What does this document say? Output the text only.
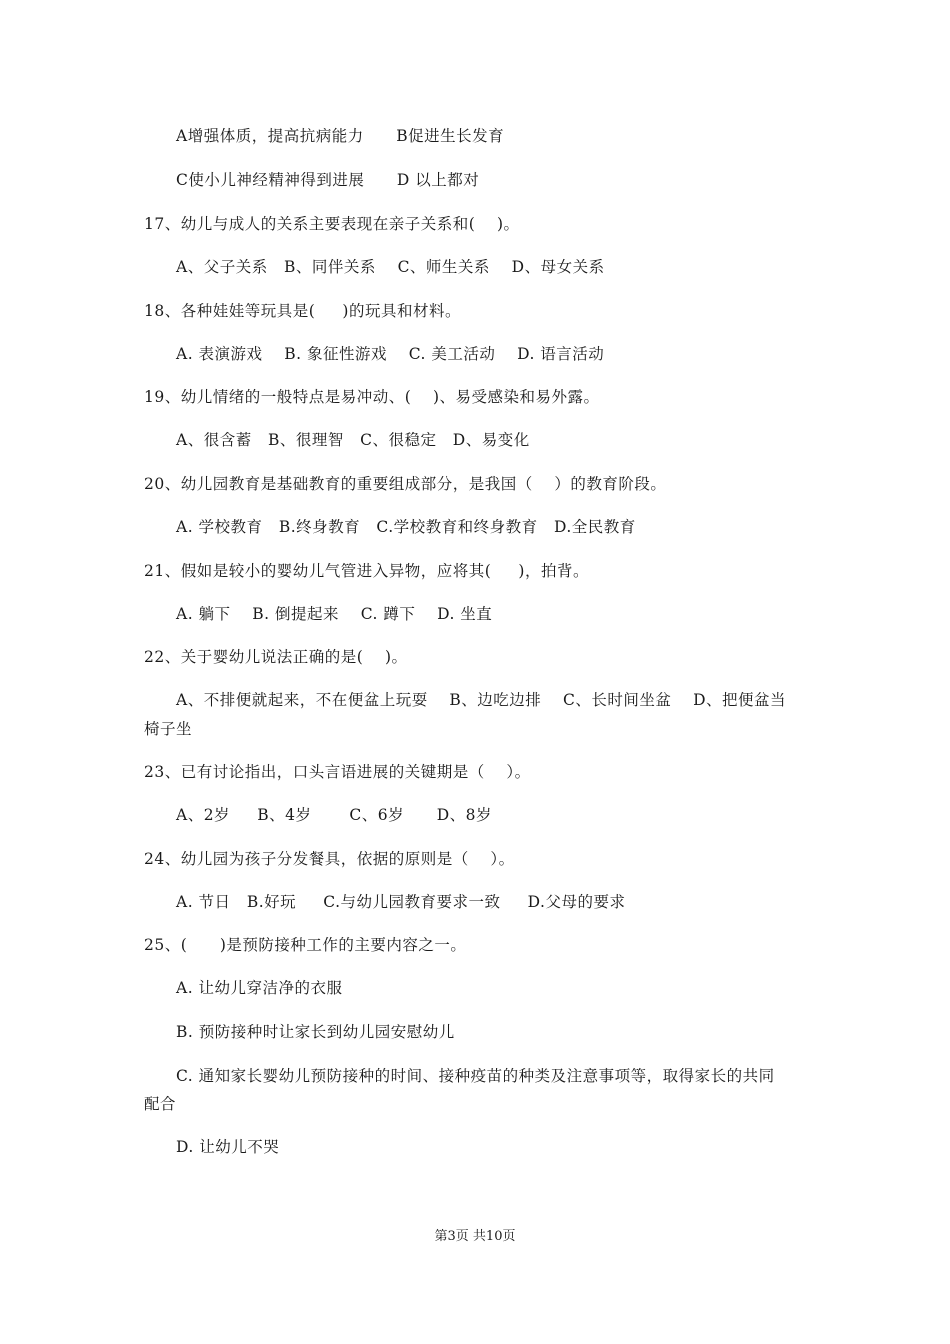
A增强体质，提高抗病能力      B促进生长发育
C使小儿神经精神得到进展      D 以上都对
17、幼儿与成人的关系主要表现在亲子关系和(    )。
A、父子关系   B、同伴关系    C、师生关系    D、母女关系
18、各种娃娃等玩具是(     )的玩具和材料。
A. 表演游戏    B. 象征性游戏    C. 美工活动    D. 语言活动
19、幼儿情绪的一般特点是易冲动、(    )、易受感染和易外露。
A、很含蓄   B、很理智   C、很稳定   D、易变化
20、幼儿园教育是基础教育的重要组成部分，是我国（    ）的教育阶段。
A. 学校教育   B.终身教育   C.学校教育和终身教育   D.全民教育
21、假如是较小的婴幼儿气管进入异物，应将其(     )，拍背。
A. 躺下    B. 倒提起来    C. 蹲下    D. 坐直
22、关于婴幼儿说法正确的是(    )。
A、不排便就起来，不在便盆上玩耍    B、边吃边排    C、长时间坐盆    D、把便盆当
椅子坐
23、已有讨论指出，口头言语进展的关键期是（    ）。
A、2岁     B、4岁       C、6岁      D、8岁
24、幼儿园为孩子分发餐具，依据的原则是（    ）。
A. 节日   B.好玩     C.与幼儿园教育要求一致     D.父母的要求
25、(      )是预防接种工作的主要内容之一。
A. 让幼儿穿洁净的衣服
B. 预防接种时让家长到幼儿园安慰幼儿
C. 通知家长婴幼儿预防接种的时间、接种疫苗的种类及注意事项等，取得家长的共同
配合
D. 让幼儿不哭
第3页 共10页
